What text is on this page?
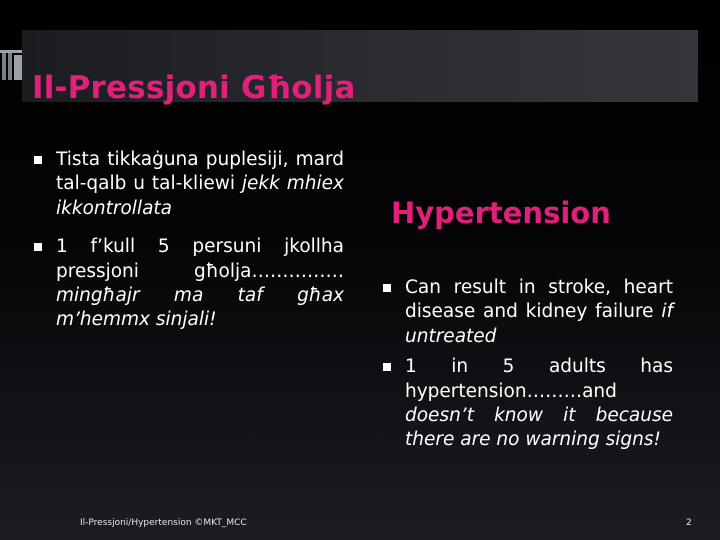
Il-Pressjoni Għolja
Tista tikkaġuna puplesiji, mard tal-qalb u tal-kliewi jekk mhiex ikkontrollata
1 f’kull 5 persuni jkollha pressjoni għolja…………… mingħajr ma taf għax m’hemmx sinjali!
Hypertension
Can result in stroke, heart disease and kidney failure if untreated
1 in 5 adults has hypertension………and doesn’t know it because there are no warning signs!
Il-Pressjoni/Hypertension ©MKT_MCC	2
